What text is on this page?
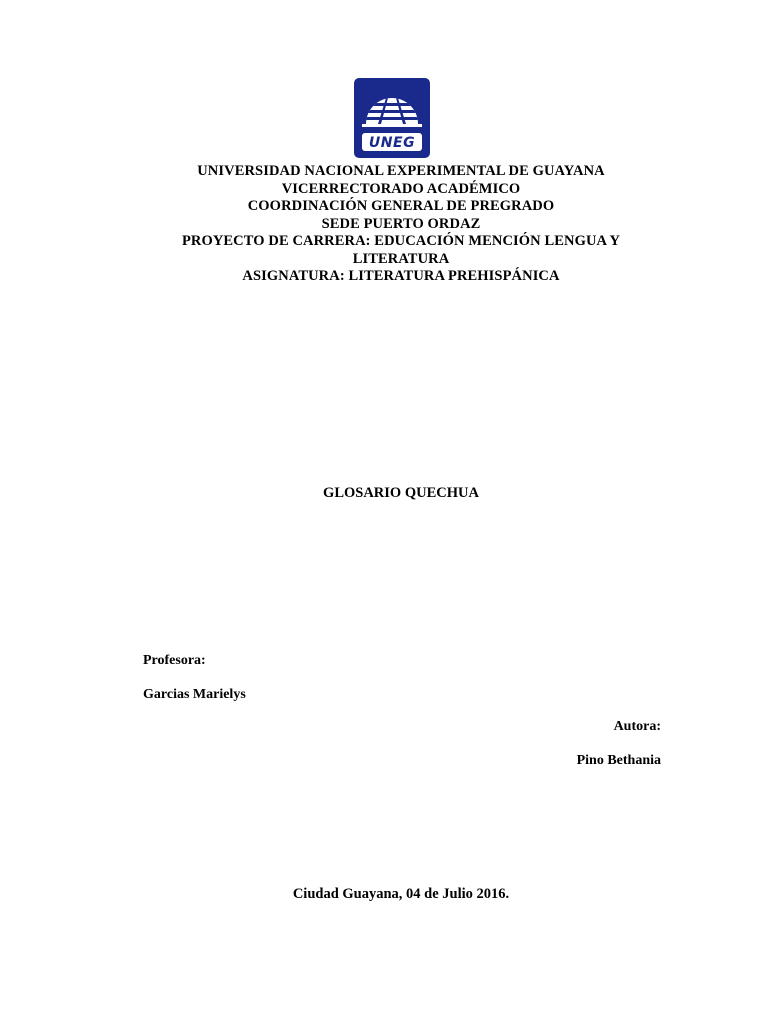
UNEG
UNIVERSIDAD NACIONAL EXPERIMENTAL DE GUAYANA
VICERRECTORADO ACADÉMICO
COORDINACIÓN GENERAL DE PREGRADO
SEDE PUERTO ORDAZ
PROYECTO DE CARRERA: EDUCACIÓN MENCIÓN LENGUA Y
LITERATURA
ASIGNATURA: LITERATURA PREHISPÁNICA
GLOSARIO QUECHUA
Profesora:
Garcias Marielys
Autora:
Pino Bethania
Ciudad Guayana, 04 de Julio 2016.
